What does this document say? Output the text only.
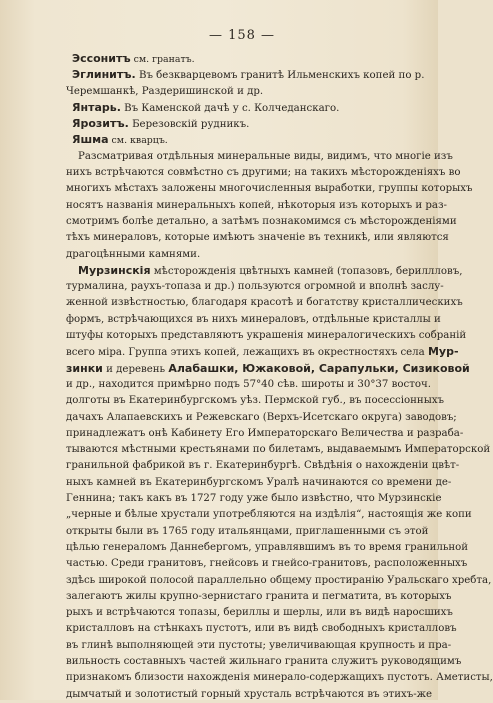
— 158 —
Эссонитъ см. гранатъ.
Эглинитъ. Въ безкварцевомъ гранитѣ Ильменскихъ копей по р.
Черемшанкѣ, Раздеришинской и др.
Янтарь. Въ Каменской дачѣ у с. Колчеданскаго.
Ярозитъ. Березовскій рудникъ.
Яшма см. кварцъ.
Разсматривая отдѣльныя минеральные виды, видимъ, что многіе изъ
нихъ встрѣчаются совмѣстно съ другими; на такихъ мѣсторожденіяхъ во
многихъ мѣстахъ заложены многочисленныя выработки, группы которыхъ
носятъ названія минеральныхъ копей, нѣкоторыя изъ которыхъ и раз-
смотримъ болѣе детально, а затѣмъ познакомимся съ мѣсторожденіями
тѣхъ минераловъ, которые имѣютъ значеніе въ техникѣ, или являются
драгоцѣнными камнями.
Мурзинскія мѣсторожденія цвѣтныхъ камней (топазовъ, бериллловъ,
турмалина, раухъ-топаза и др.) пользуются огромной и вполнѣ заслу-
женной извѣстностью, благодаря красотѣ и богатству кристаллическихъ
формъ, встрѣчающихся въ нихъ минераловъ, отдѣльные кристаллы и
штуфы которыхъ представляютъ украшенія минералогическихъ собраній
всего міра. Группа этихъ копей, лежащихъ въ окрестностяхъ села Мур-
зинки и деревень Алабашки, Южаковой, Сарапульки, Сизиковой
и др., находится примѣрно подъ 57°40 сѣв. широты и 30°37 восточ.
долготы въ Екатеринбургскомъ уѣз. Пермской губ., въ посессіонныхъ
дачахъ Алапаевскихъ и Режевскаго (Верхъ-Исетскаго округа) заводовъ;
принадлежатъ онѣ Кабинету Его Императорскаго Величества и разраба-
тываются мѣстными крестьянами по билетамъ, выдаваемымъ Императорской
гранильной фабрикой въ г. Екатеринбургѣ. Свѣдѣнія о нахожденіи цвѣт-
ныхъ камней въ Екатеринбургскомъ Уралѣ начинаются со времени де-
Геннина; такъ какъ въ 1727 году уже было извѣстно, что Мурзинскіе
„черные и бѣлые хрустали употребляются на издѣлія“, настоящія же копи
открыты были въ 1765 году итальянцами, приглашенными съ этой
цѣлью генераломъ Даннебергомъ, управлявшимъ въ то время гранильной
частью. Среди гранитовъ, гнейсовъ и гнейсо-гранитовъ, расположенныхъ
здѣсь широкой полосой параллельно общему простиранію Уральскаго хребта,
залегаютъ жилы крупно-зернистаго гранита и пегматита, въ которыхъ
рыхъ и встрѣчаются топазы, бериллы и шерлы, или въ видѣ наросшихъ
кристалловъ на стѣнкахъ пустотъ, или въ видѣ свободныхъ кристалловъ
въ глинѣ выполняющей эти пустоты; увеличивающая крупность и пра-
вильность составныхъ частей жильнаго гранита служитъ руководящимъ
признакомъ близости нахожденія минерало-содержащихъ пустотъ. Аметисты,
дымчатый и золотистый горный хрусталь встрѣчаются въ этихъ-же
